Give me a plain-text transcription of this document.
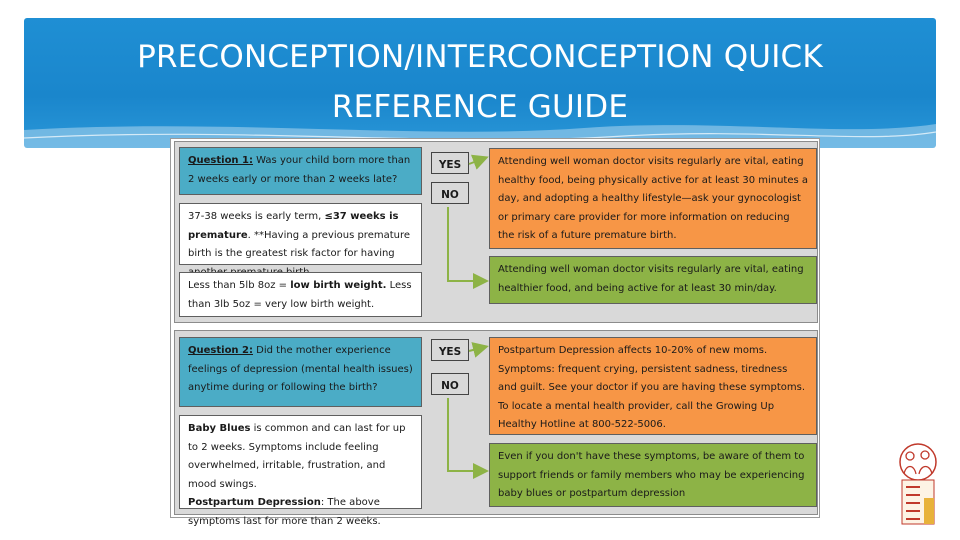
PRECONCEPTION/INTERCONCEPTION QUICK
REFERENCE GUIDE
Question 1: Was your child born more than 2 weeks early or more than 2 weeks late?
YES
NO
Attending well woman doctor visits regularly are vital, eating healthy food, being physically active for at least 30 minutes a day, and adopting a healthy lifestyle—ask your gynocologist or primary care provider for more information on reducing the risk of a future premature birth.
Attending well woman doctor visits regularly are vital, eating healthier food, and being active for at least 30 min/day.
37-38 weeks is early term, ≤37 weeks is premature. **Having a previous premature birth is the greatest risk factor for having
Less than 5lb 8oz = low birth weight. Less than 3lb 5oz = very low birth weight.
Question 2: Did the mother experience feelings of depression (mental health issues) anytime during or following the birth?
YES
NO
Postpartum Depression affects 10-20% of new moms. Symptoms: frequent crying, persistent sadness, tiredness and guilt. See your doctor if you are having these symptoms. To locate a mental health provider, call the Growing Up Healthy Hotline at 800-522-5006.
Even if you don't have these symptoms, be aware of them to support friends or family members who may be experiencing baby blues or postpartum depression
Baby Blues is common and can last for up to 2 weeks. Symptoms include feeling overwhelmed, irritable, frustration, and mood swings.
Postpartum Depression: The above symptoms last for more than 2 weeks.
